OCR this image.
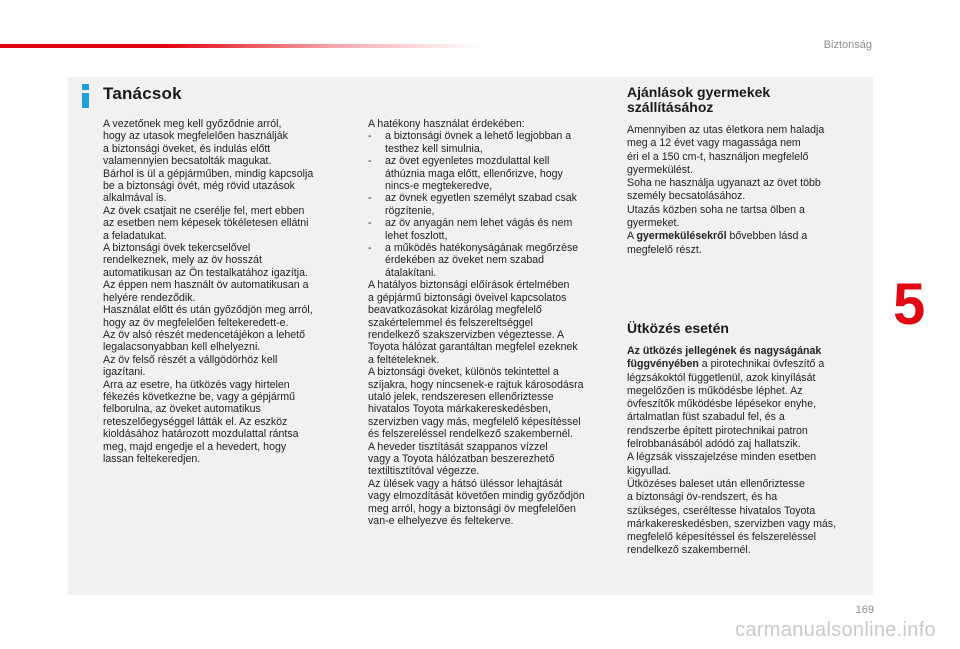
Biztonság
Tanácsok

A vezetőnek meg kell győződnie arról,

hogy az utasok megfelelően használják

a biztonsági öveket, és indulás előtt

valamennyien becsatolták magukat.

Bárhol is ül a gépjárműben, mindig kapcsolja

be a biztonsági övét, még rövid utazások

alkalmával is.

Az övek csatjait ne cserélje fel, mert ebben

az esetben nem képesek tökéletesen ellátni

a feladatukat.

A biztonsági övek tekercselővel

rendelkeznek, mely az öv hosszát

automatikusan az Ön testalkatához igazítja.

Az éppen nem használt öv automatikusan a

helyére rendeződik.

Használat előtt és után győződjön meg arról,

hogy az öv megfelelően feltekeredett-e.

Az öv alsó részét medencetájékon a lehető

legalacsonyabban kell elhelyezni.

Az öv felső részét a vállgödörhöz kell

igazítani.

Arra az esetre, ha ütközés vagy hirtelen

fékezés következne be, vagy a gépjármű

felborulna, az öveket automatikus

reteszelőegységgel látták el. Az eszköz

kioldásához határozott mozdulattal rántsa

meg, majd engedje el a hevedert, hogy

lassan feltekeredjen.

A hatékony használat érdekében:

- a biztonsági övnek a lehető legjobban a
testhez kell simulnia,
- az övet egyenletes mozdulattal kell
áthúznia maga előtt, ellenőrizve, hogy
nincs-e megtekeredve,
- az övnek egyetlen személyt szabad csak
rögzítenie,
- az öv anyagán nem lehet vágás és nem
lehet foszlott,
- a működés hatékonyságának megőrzése
érdekében az öveket nem szabad
átalakítani.

A hatályos biztonsági előírások értelmében

a gépjármű biztonsági öveivel kapcsolatos

beavatkozásokat kizárólag megfelelő

szakértelemmel és felszereltséggel

rendelkező szakszervizben végeztesse. A

Toyota hálózat garantáltan megfelel ezeknek

a feltételeknek.

A biztonsági öveket, különös tekintettel a

szíjakra, hogy nincsenek-e rajtuk károsodásra

utaló jelek, rendszeresen ellenőriztesse

hivatalos Toyota márkakereskedésben,

szervizben vagy más, megfelelő képesítéssel

és felszereléssel rendelkező szakembernél.

A heveder tisztítását szappanos vízzel

vagy a Toyota hálózatban beszerezhető

textiltisztítóval végezze.

Az ülések vagy a hátsó üléssor lehajtását

vagy elmozdítását követően mindig győződjön

meg arról, hogy a biztonsági öv megfelelően

van-e elhelyezve és feltekerve.

Ajánlások gyermekek
szállításához

Amennyiben az utas életkora nem haladja

meg a 12 évet vagy magassága nem

éri el a 150 cm-t, használjon megfelelő

gyermekülést.

Soha ne használja ugyanazt az övet több

személy becsatolásához.

Utazás közben soha ne tartsa ölben a

gyermeket.

A gyermekülésekről bővebben lásd a

megfelelő részt.

Ütközés esetén

Az ütközés jellegének és nagyságának

függvényében a pirotechnikai övfeszítő a

légzsákoktól függetlenül, azok kinyílását

megelőzően is működésbe léphet. Az

övfeszítők működésbe lépésekor enyhe,

ártalmatlan füst szabadul fel, és a

rendszerbe épített pirotechnikai patron

felrobbanásából adódó zaj hallatszik.

A légzsák visszajelzése minden esetben

kigyullad.

Ütközéses baleset után ellenőriztesse

a biztonsági öv-rendszert, és ha

szükséges, cseréltesse hivatalos Toyota

márkakereskedésben, szervizben vagy más,

megfelelő képesítéssel és felszereléssel

rendelkező szakembernél.

5
169
carmanualsonline.info
